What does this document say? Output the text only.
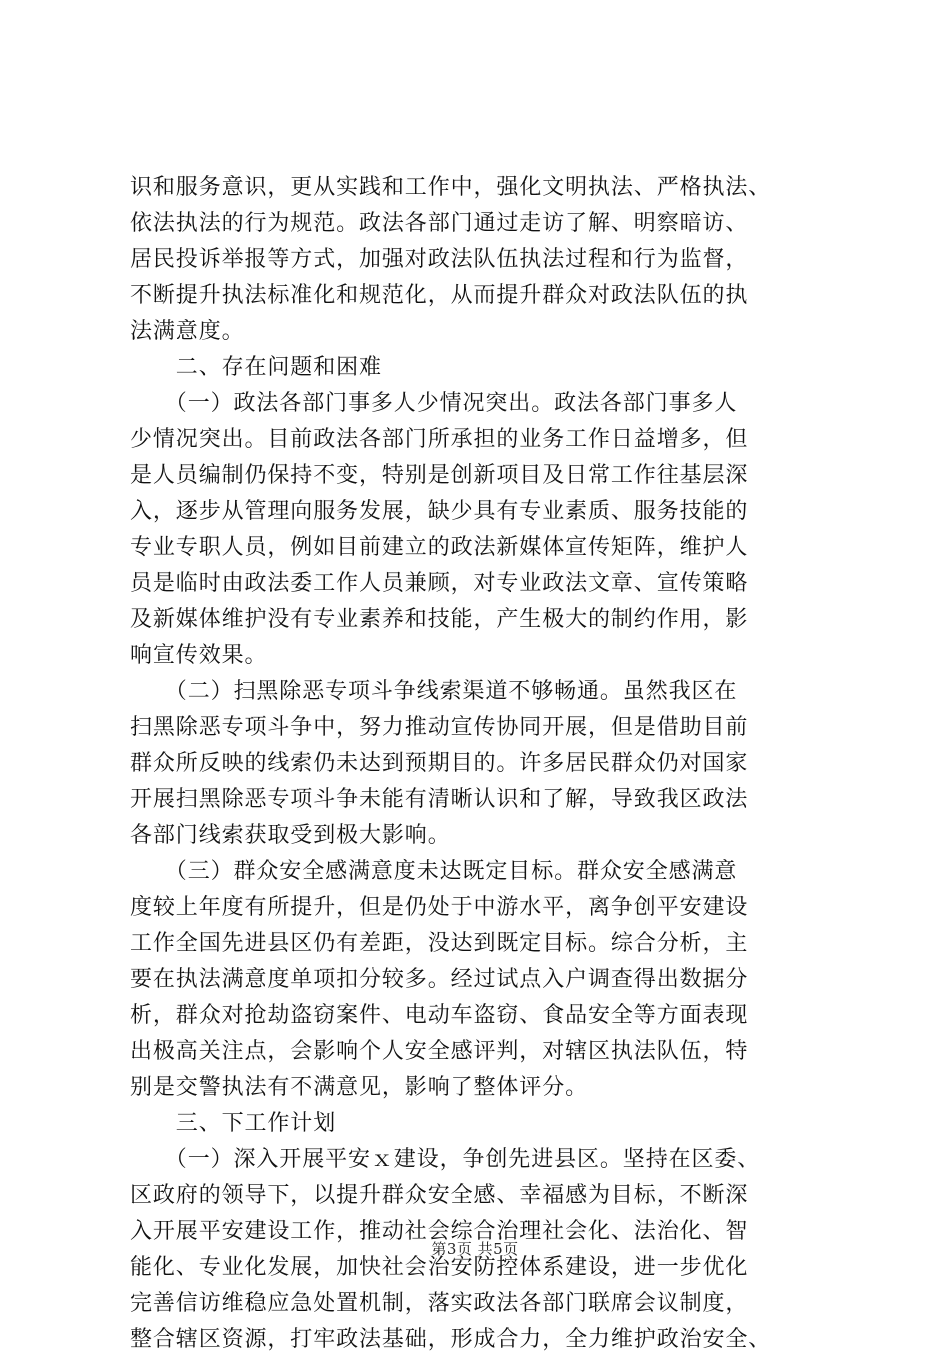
识和服务意识，更从实践和工作中，强化文明执法、严格执法、
依法执法的行为规范。政法各部门通过走访了解、明察暗访、
居民投诉举报等方式，加强对政法队伍执法过程和行为监督，
不断提升执法标准化和规范化，从而提升群众对政法队伍的执
法满意度。
　　二、存在问题和困难
　　（一）政法各部门事多人少情况突出。政法各部门事多人
少情况突出。目前政法各部门所承担的业务工作日益增多，但
是人员编制仍保持不变，特别是创新项目及日常工作往基层深
入，逐步从管理向服务发展，缺少具有专业素质、服务技能的
专业专职人员，例如目前建立的政法新媒体宣传矩阵，维护人
员是临时由政法委工作人员兼顾，对专业政法文章、宣传策略
及新媒体维护没有专业素养和技能，产生极大的制约作用，影
响宣传效果。
　　（二）扫黑除恶专项斗争线索渠道不够畅通。虽然我区在
扫黑除恶专项斗争中，努力推动宣传协同开展，但是借助目前
群众所反映的线索仍未达到预期目的。许多居民群众仍对国家
开展扫黑除恶专项斗争未能有清晰认识和了解，导致我区政法
各部门线索获取受到极大影响。
　　（三）群众安全感满意度未达既定目标。群众安全感满意
度较上年度有所提升，但是仍处于中游水平，离争创平安建设
工作全国先进县区仍有差距，没达到既定目标。综合分析，主
要在执法满意度单项扣分较多。经过试点入户调查得出数据分
析，群众对抢劫盗窃案件、电动车盗窃、食品安全等方面表现
出极高关注点，会影响个人安全感评判，对辖区执法队伍，特
别是交警执法有不满意见，影响了整体评分。
　　三、下工作计划
　　（一）深入开展平安ｘ建设，争创先进县区。坚持在区委、
区政府的领导下，以提升群众安全感、幸福感为目标，不断深
入开展平安建设工作，推动社会综合治理社会化、法治化、智
能化、专业化发展，加快社会治安防控体系建设，进一步优化
完善信访维稳应急处置机制，落实政法各部门联席会议制度，
整合辖区资源，打牢政法基础，形成合力，全力维护政治安全、
第3页 共5页
